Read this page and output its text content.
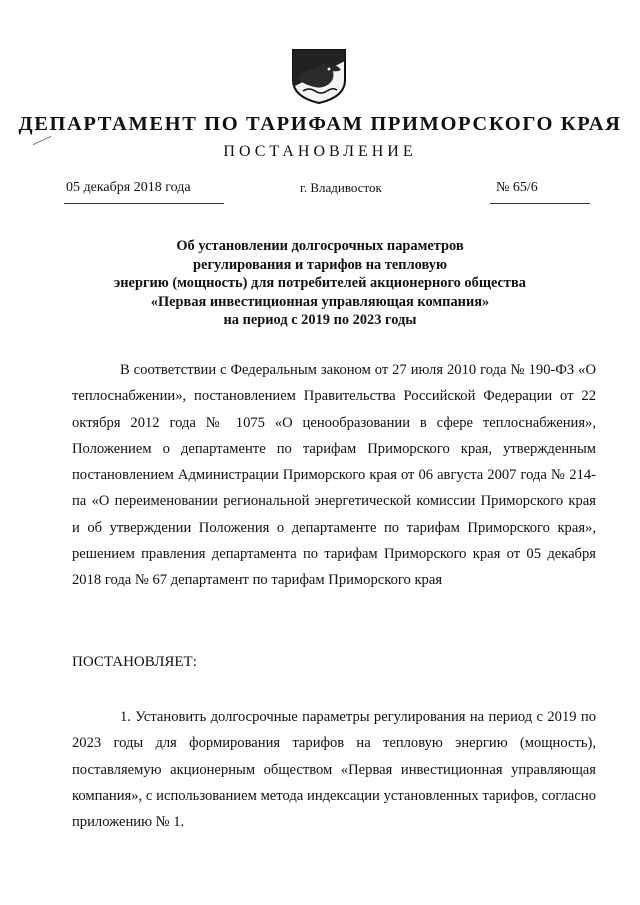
ДЕПАРТАМЕНТ ПО ТАРИФАМ ПРИМОРСКОГО КРАЯ
ПОСТАНОВЛЕНИЕ
05 декабря 2018 года	г. Владивосток	№ 65/6
Об установлении долгосрочных параметров
регулирования и тарифов на тепловую
энергию (мощность) для потребителей акционерного общества
«Первая инвестиционная управляющая компания»
на период с 2019 по 2023 годы
В соответствии с Федеральным законом от 27 июля 2010 года № 190-ФЗ «О теплоснабжении», постановлением Правительства Российской Федерации от 22 октября 2012 года № 1075 «О ценообразовании в сфере теплоснабжения», Положением о департаменте по тарифам Приморского края, утвержденным постановлением Администрации Приморского края от 06 августа 2007 года № 214-па «О переименовании региональной энергетической комиссии Приморского края и об утверждении Положения о департаменте по тарифам Приморского края», решением правления департамента по тарифам Приморского края от 05 декабря 2018 года № 67 департамент по тарифам Приморского края
ПОСТАНОВЛЯЕТ:
1. Установить долгосрочные параметры регулирования на период с 2019 по 2023 годы для формирования тарифов на тепловую энергию (мощность), поставляемую акционерным обществом «Первая инвестиционная управляющая компания», с использованием метода индексации установленных тарифов, согласно приложению № 1.
